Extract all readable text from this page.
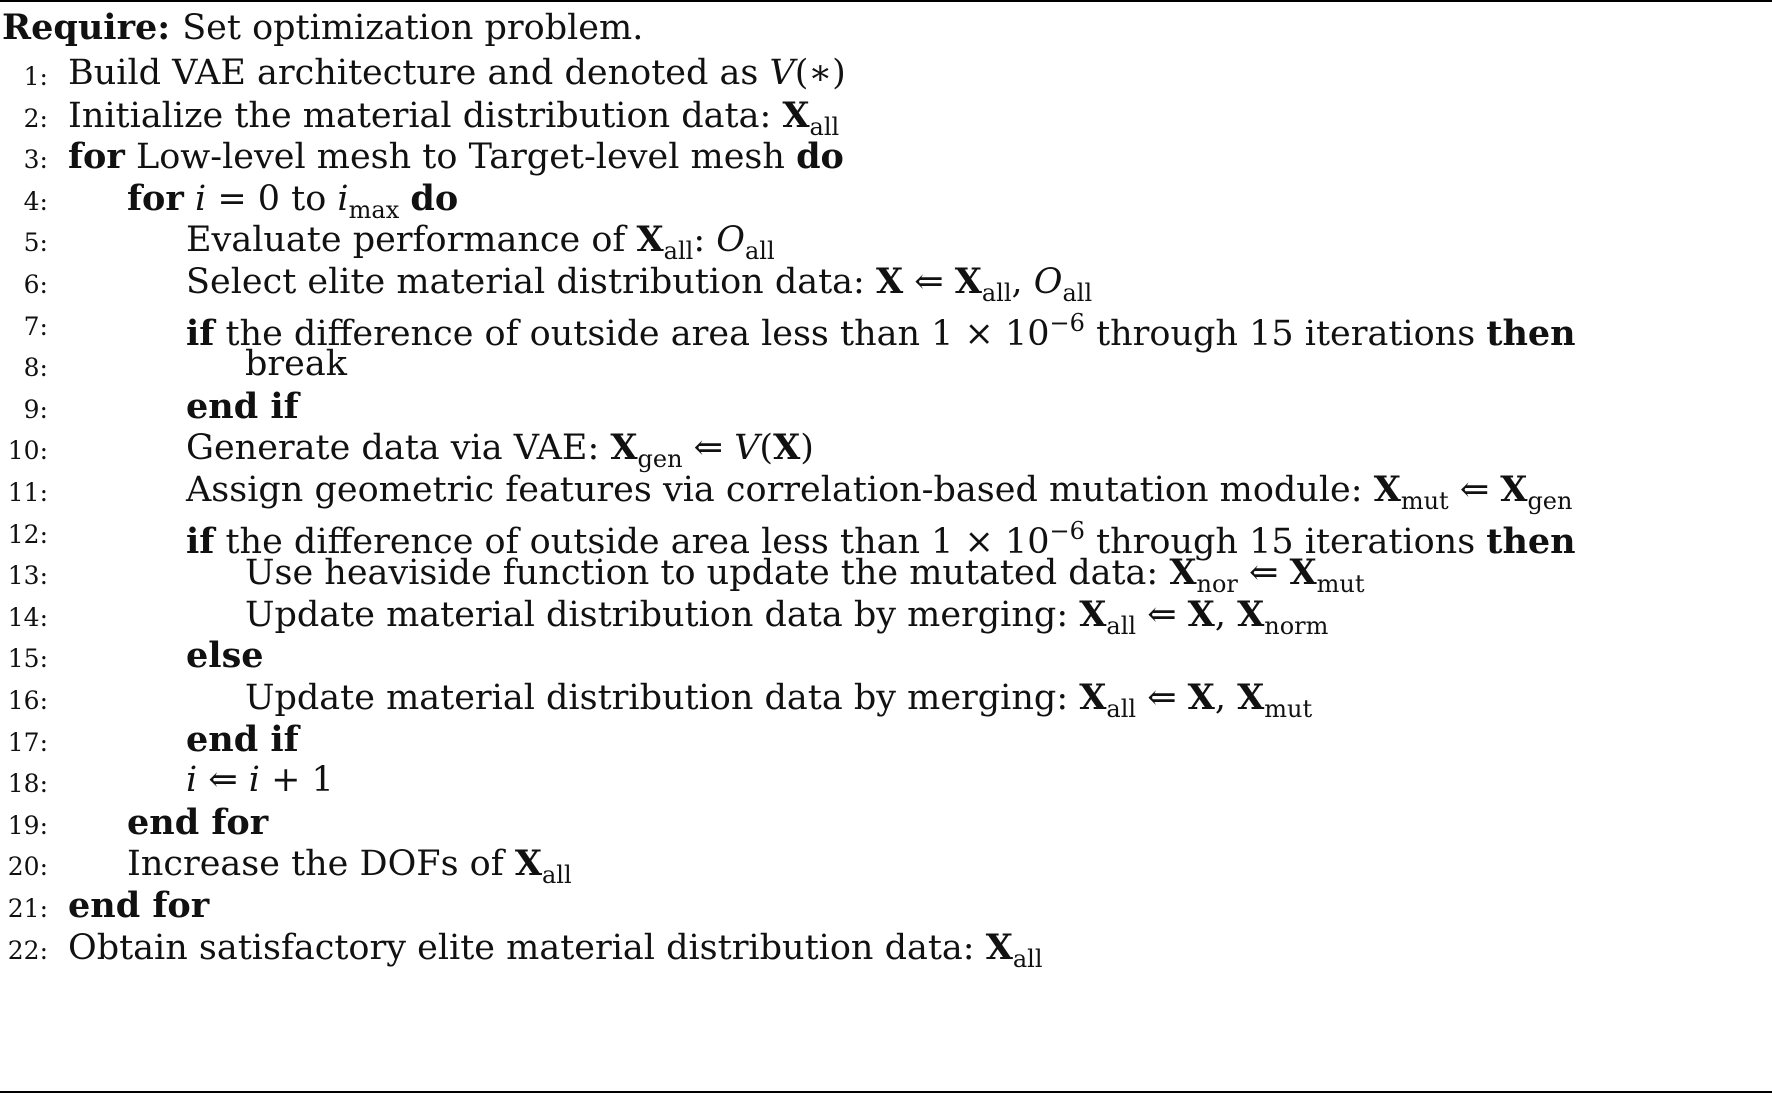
Require: Set optimization problem.
1: Build VAE architecture and denoted as V(∗)
2: Initialize the material distribution data: $X_{all}$
3: for Low-level mesh to Target-level mesh do
4: for i = 0 to $i_{max}$ do
5:	Evaluate performance of $X_{all}$: $O_{all}$
6:	Select elite material distribution data: X ⇐ $X_{all}$, $O_{all}$
7:	if the difference of outside area less than $1 \times 10^{-6}$ through 15 iterations then
8:	break
9:	end if
10:	Generate data via VAE: $X_{gen}$ ⇐ V(X)
11:	Assign geometric features via correlation-based mutation module: $X_{mut}$ ⇐ $X_{gen}$
12:	if the difference of outside area less than $1 \times 10^{-6}$ through 15 iterations then
13:	Use heaviside function to update the mutated data: $X_{nor}$ ⇐ $X_{mut}$
14:	Update material distribution data by merging: $X_{all}$ ⇐ X, $X_{norm}$
15:	else
16:	Update material distribution data by merging: $X_{all}$ ⇐ X, $X_{mut}$
17:	end if
18:	i ⇐ i + 1
19: end for
20: Increase the DOFs of $X_{all}$
21: end for
22: Obtain satisfactory elite material distribution data: $X_{all}$
